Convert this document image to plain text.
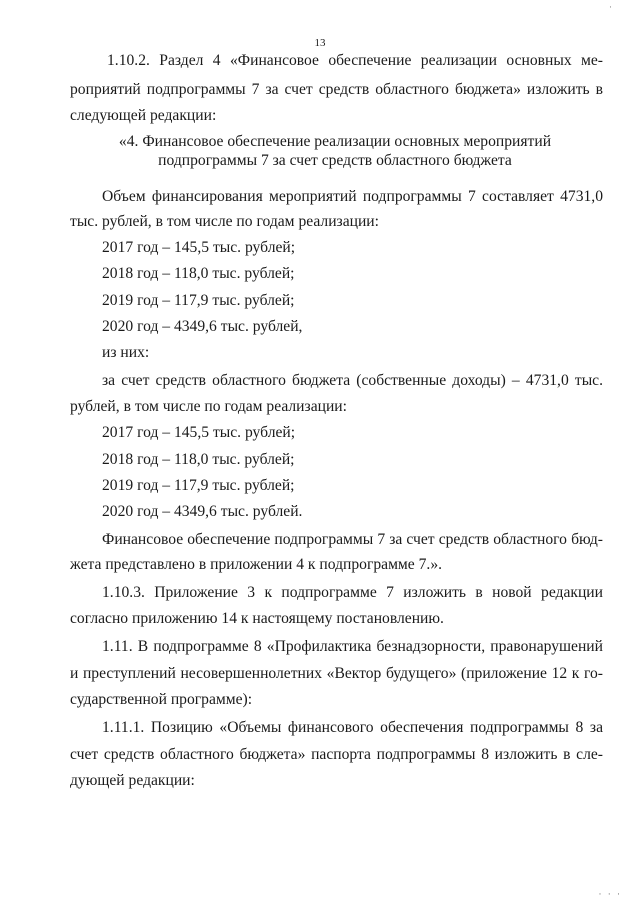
·
13
1.10.2. Раздел 4 «Финансовое обеспечение реализации основных ме-
роприятий подпрограммы 7 за счет средств областного бюджета» изложить в
следующей редакции:
«4. Финансовое обеспечение реализации основных мероприятий
подпрограммы 7 за счет средств областного бюджета
Объем финансирования мероприятий подпрограммы 7 составляет 4731,0
тыс. рублей, в том числе по годам реализации:
2017 год – 145,5 тыс. рублей;
2018 год – 118,0 тыс. рублей;
2019 год – 117,9 тыс. рублей;
2020 год – 4349,6 тыс. рублей,
из них:
за счет средств областного бюджета (собственные доходы) – 4731,0 тыс.
рублей, в том числе по годам реализации:
2017 год – 145,5 тыс. рублей;
2018 год – 118,0 тыс. рублей;
2019 год – 117,9 тыс. рублей;
2020 год – 4349,6 тыс. рублей.
Финансовое обеспечение подпрограммы 7 за счет средств областного бюд-
жета представлено в приложении 4 к подпрограмме 7.».
1.10.3. Приложение 3 к подпрограмме 7 изложить в новой редакции
согласно приложению 14 к настоящему постановлению.
1.11. В подпрограмме 8 «Профилактика безнадзорности, правонарушений
и преступлений несовершеннолетних «Вектор будущего» (приложение 12 к го-
сударственной программе):
1.11.1. Позицию «Объемы финансового обеспечения подпрограммы 8 за
счет средств областного бюджета» паспорта подпрограммы 8 изложить в сле-
дующей редакции:
· · ·
